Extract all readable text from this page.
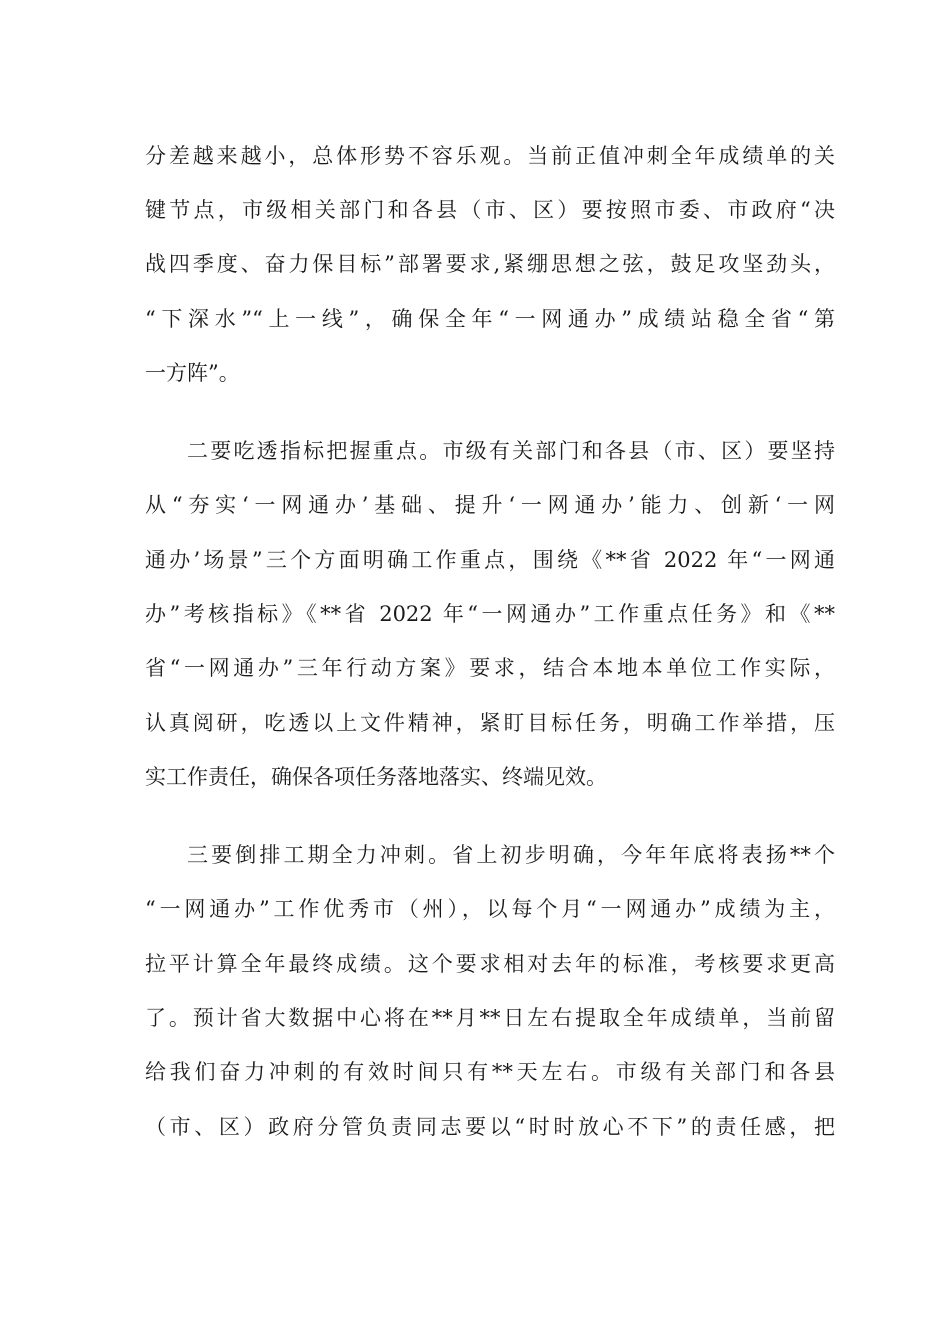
分差越来越小，总体形势不容乐观。当前正值冲刺全年成绩单的关

键节点，市级相关部门和各县（市、区）要按照市委、市政府“决

战四季度、奋力保目标”部署要求,紧绷思想之弦，鼓足攻坚劲头，

“下深水”“上一线”，确保全年“一网通办”成绩站稳全省“第

一方阵”。

二要吃透指标把握重点。市级有关部门和各县（市、区）要坚持

从“夯实‘一网通办’基础、提升‘一网通办’能力、创新‘一网

通办’场景”三个方面明确工作重点，围绕《**省 2022 年“一网通

办”考核指标》《**省 2022 年“一网通办”工作重点任务》和《**

省“一网通办”三年行动方案》要求，结合本地本单位工作实际，

认真阅研，吃透以上文件精神，紧盯目标任务，明确工作举措，压

实工作责任，确保各项任务落地落实、终端见效。

三要倒排工期全力冲刺。省上初步明确，今年年底将表扬**个

“一网通办”工作优秀市（州），以每个月“一网通办”成绩为主，

拉平计算全年最终成绩。这个要求相对去年的标准，考核要求更高

了。预计省大数据中心将在**月**日左右提取全年成绩单，当前留

给我们奋力冲刺的有效时间只有**天左右。市级有关部门和各县

（市、区）政府分管负责同志要以“时时放心不下”的责任感，把
